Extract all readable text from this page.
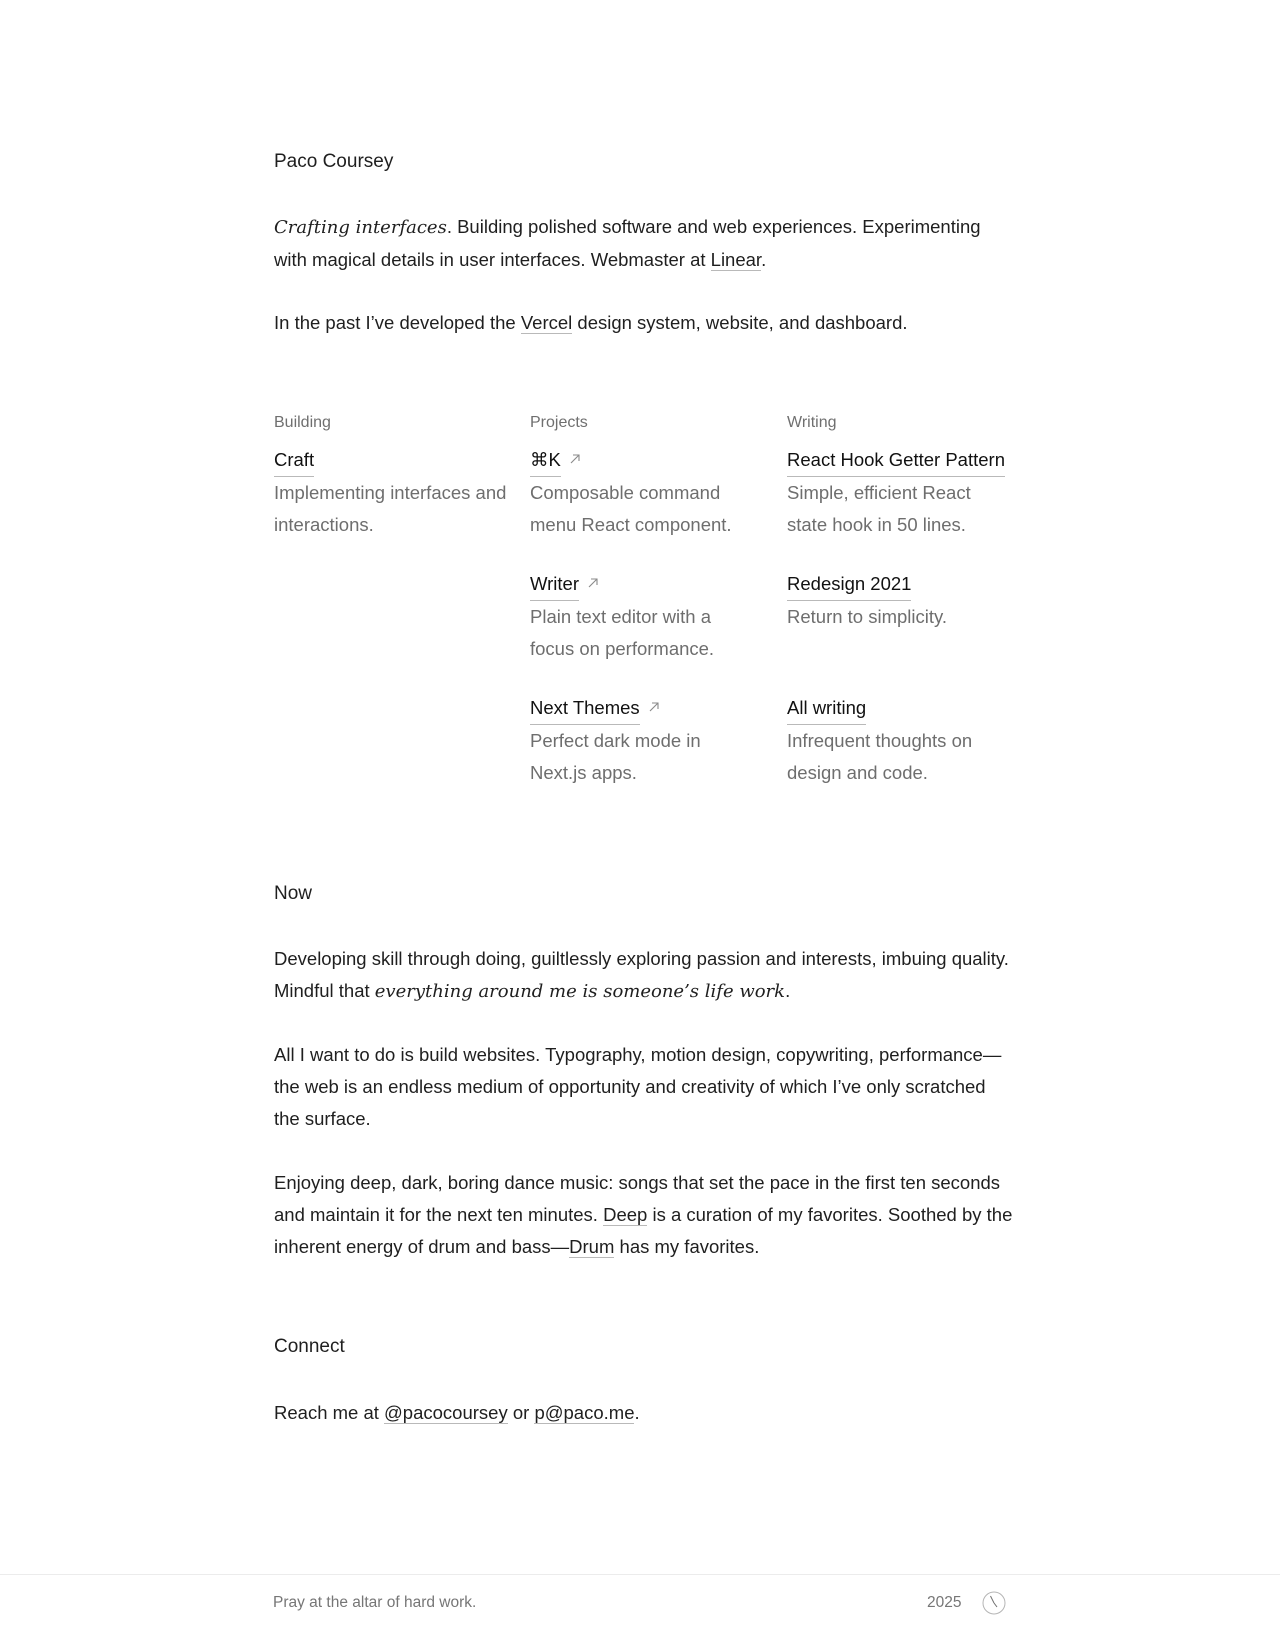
Paco Coursey

Crafting interfaces. Building polished software and web experiences. Experimenting with magical details in user interfaces. Webmaster at Linear.

In the past I’ve developed the Vercel design system, website, and dashboard.

Building
Craft
Implementing interfaces and interactions.
Projects
⌘K
Composable command menu React component.
Writer
Plain text editor with a focus on performance.
Next Themes
Perfect dark mode in Next.js apps.
Writing
React Hook Getter Pattern
Simple, efficient React state hook in 50 lines.
Redesign 2021
Return to simplicity.
All writing
Infrequent thoughts on design and code.
Now

Developing skill through doing, guiltlessly exploring passion and interests, imbuing quality. Mindful that everything around me is someone’s life work.

All I want to do is build websites. Typography, motion design, copywriting, performance—the web is an endless medium of opportunity and creativity of which I’ve only scratched the surface.

Enjoying deep, dark, boring dance music: songs that set the pace in the first ten seconds and maintain it for the next ten minutes. Deep is a curation of my favorites. Soothed by the inherent energy of drum and bass—Drum has my favorites.

Connect

Reach me at @pacocoursey or p@paco.me.

Pray at the altar of hard work.	2025
